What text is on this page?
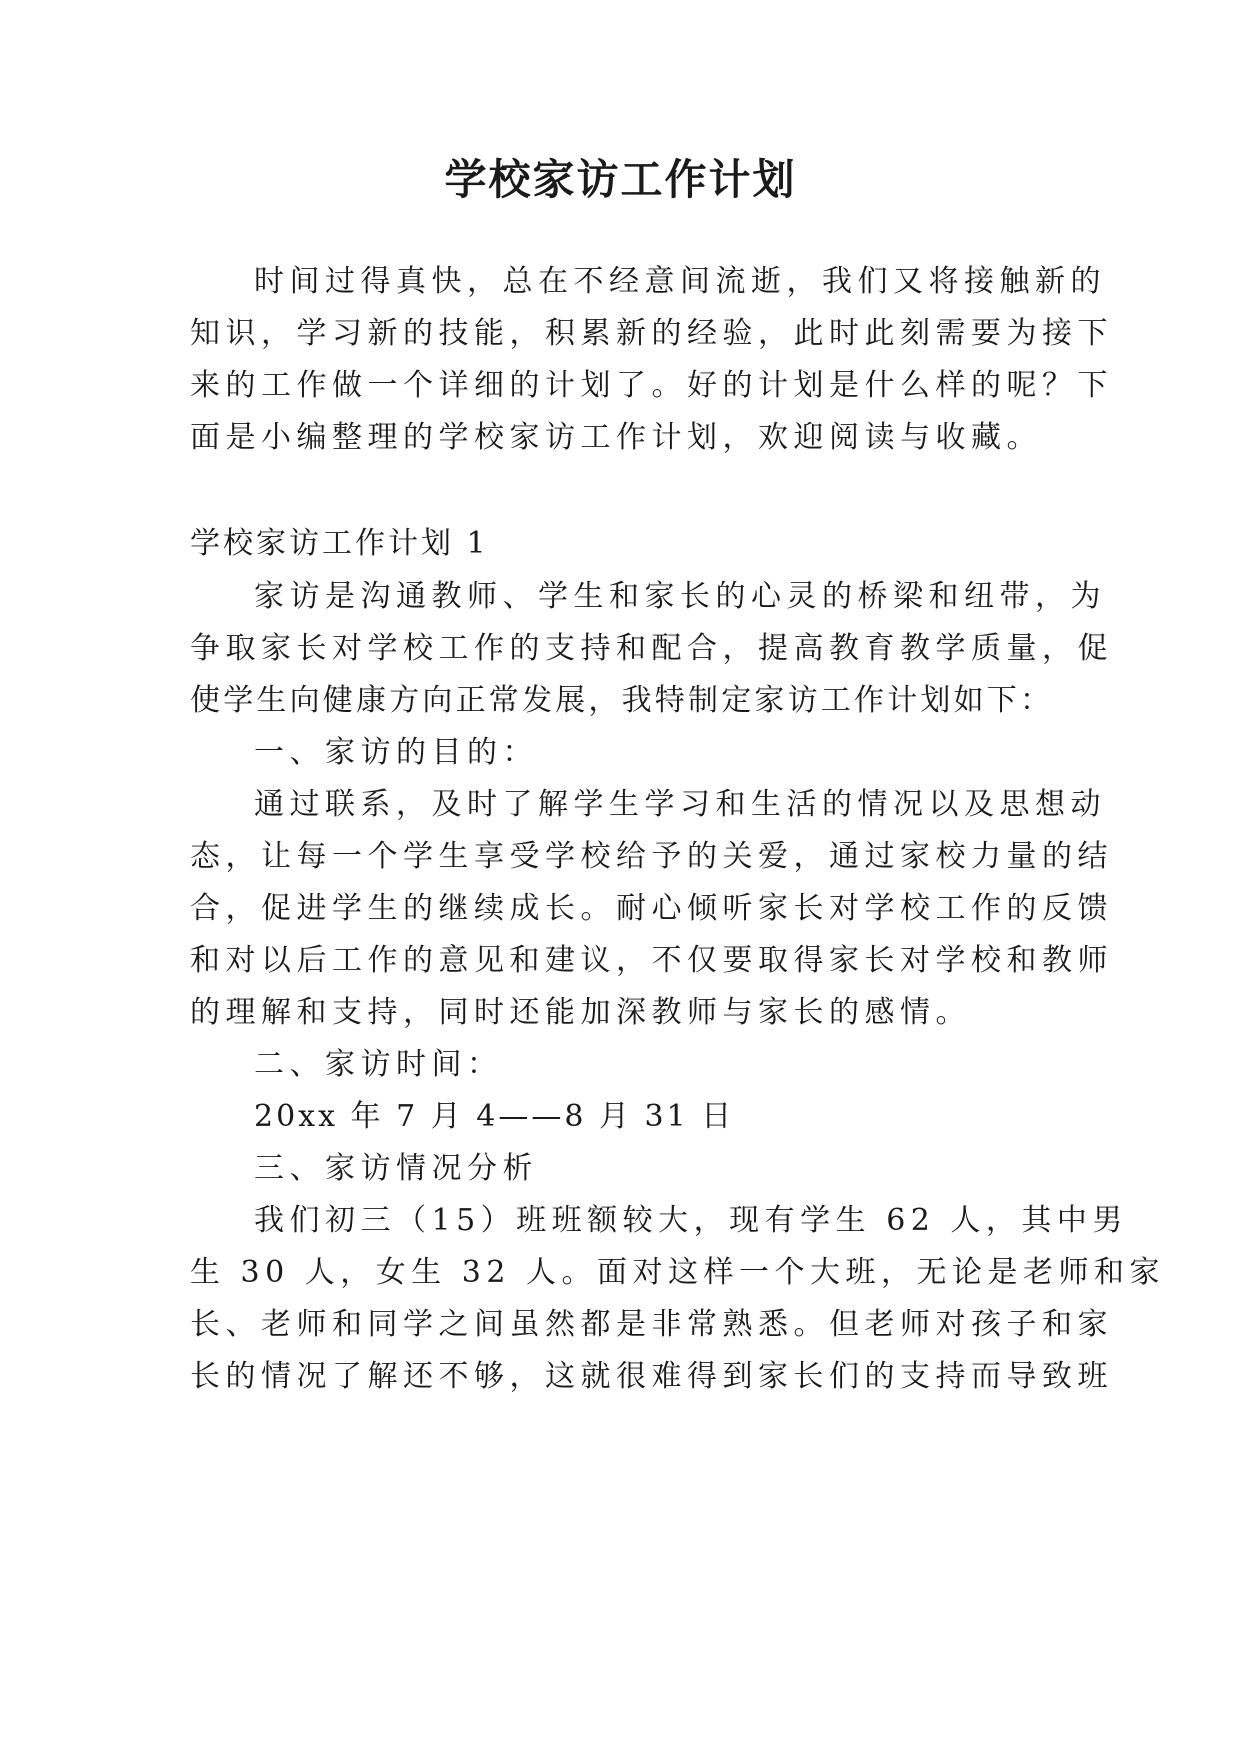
学校家访工作计划
时间过得真快，总在不经意间流逝，我们又将接触新的
知识，学习新的技能，积累新的经验，此时此刻需要为接下
来的工作做一个详细的计划了。好的计划是什么样的呢？下
面是小编整理的学校家访工作计划，欢迎阅读与收藏。
学校家访工作计划 1
家访是沟通教师、学生和家长的心灵的桥梁和纽带，为
争取家长对学校工作的支持和配合，提高教育教学质量，促
使学生向健康方向正常发展，我特制定家访工作计划如下：
一、家访的目的：
通过联系，及时了解学生学习和生活的情况以及思想动
态，让每一个学生享受学校给予的关爱，通过家校力量的结
合，促进学生的继续成长。耐心倾听家长对学校工作的反馈
和对以后工作的意见和建议，不仅要取得家长对学校和教师
的理解和支持，同时还能加深教师与家长的感情。
二、家访时间：
20xx 年 7 月 4——8 月 31 日
三、家访情况分析
我们初三（15）班班额较大，现有学生 62 人，其中男
生 30 人，女生 32 人。面对这样一个大班，无论是老师和家
长、老师和同学之间虽然都是非常熟悉。但老师对孩子和家
长的情况了解还不够，这就很难得到家长们的支持而导致班
